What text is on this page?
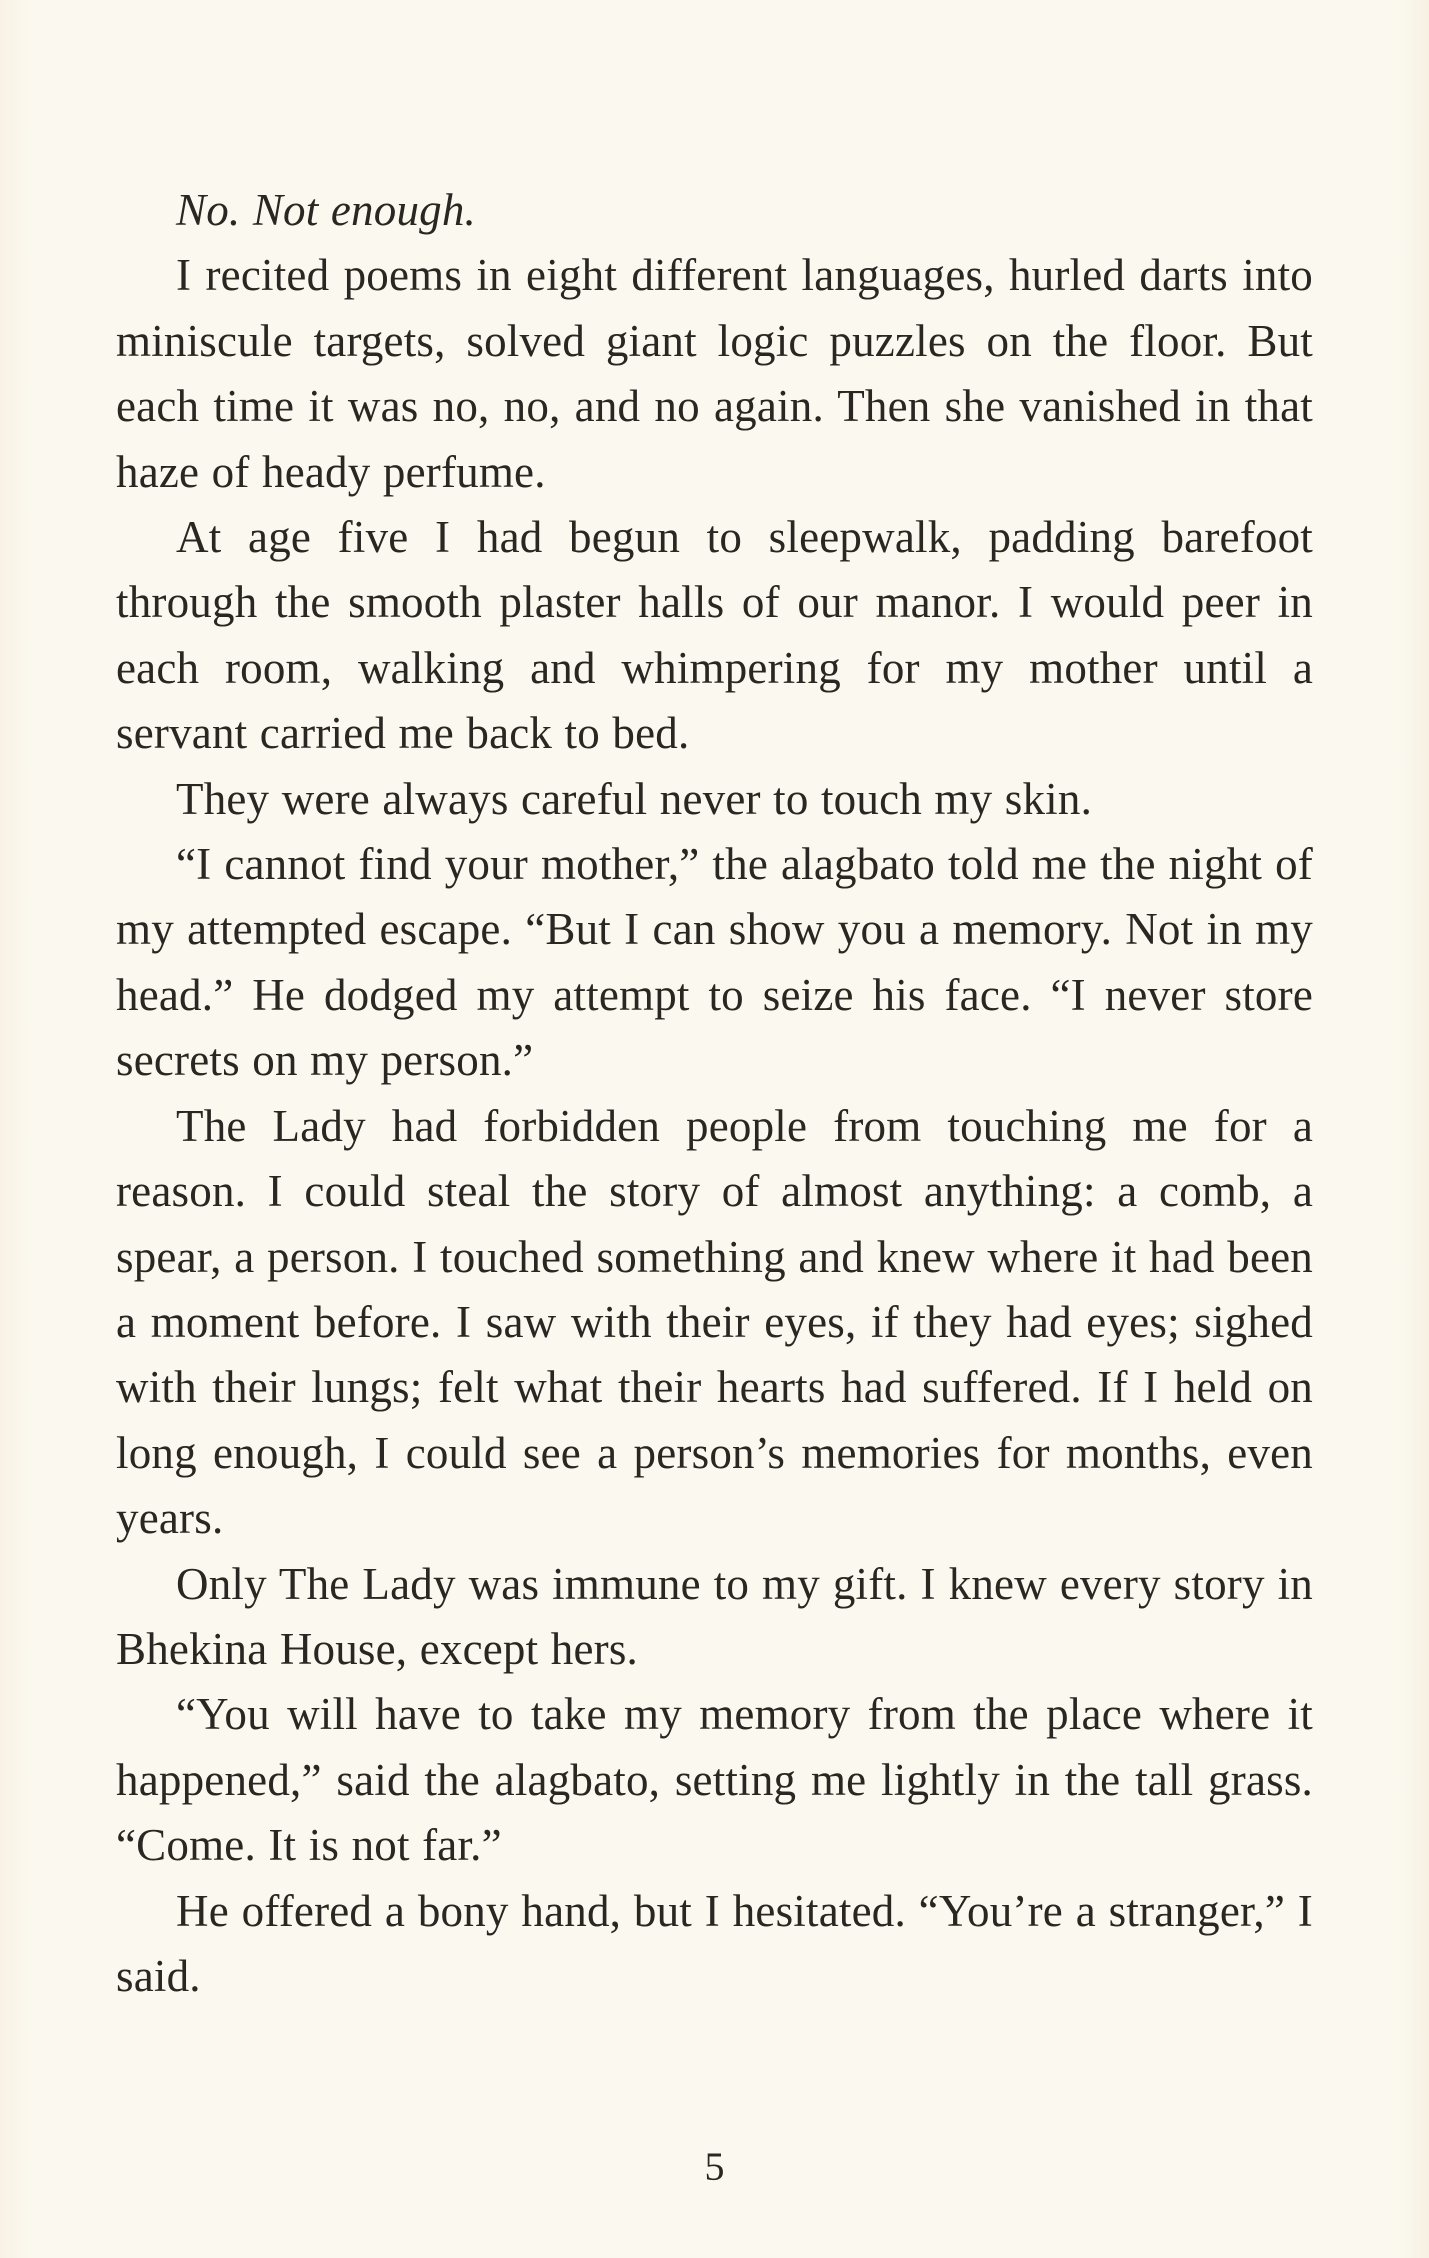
No. Not enough.

I recited poems in eight different languages, hurled darts into miniscule targets, solved giant logic puzzles on the floor. But each time it was no, no, and no again. Then she vanished in that haze of heady perfume.

At age five I had begun to sleepwalk, padding barefoot through the smooth plaster halls of our manor. I would peer in each room, walking and whimpering for my mother until a servant carried me back to bed.

They were always careful never to touch my skin.

“I cannot find your mother,” the alagbato told me the night of my attempted escape. “But I can show you a memory. Not in my head.” He dodged my attempt to seize his face. “I never store secrets on my person.”

The Lady had forbidden people from touching me for a reason. I could steal the story of almost anything: a comb, a spear, a person. I touched something and knew where it had been a moment before. I saw with their eyes, if they had eyes; sighed with their lungs; felt what their hearts had suffered. If I held on long enough, I could see a person’s memories for months, even years.

Only The Lady was immune to my gift. I knew every story in Bhekina House, except hers.

“You will have to take my memory from the place where it happened,” said the alagbato, setting me lightly in the tall grass. “Come. It is not far.”

He offered a bony hand, but I hesitated. “You’re a stranger,” I said.

5
